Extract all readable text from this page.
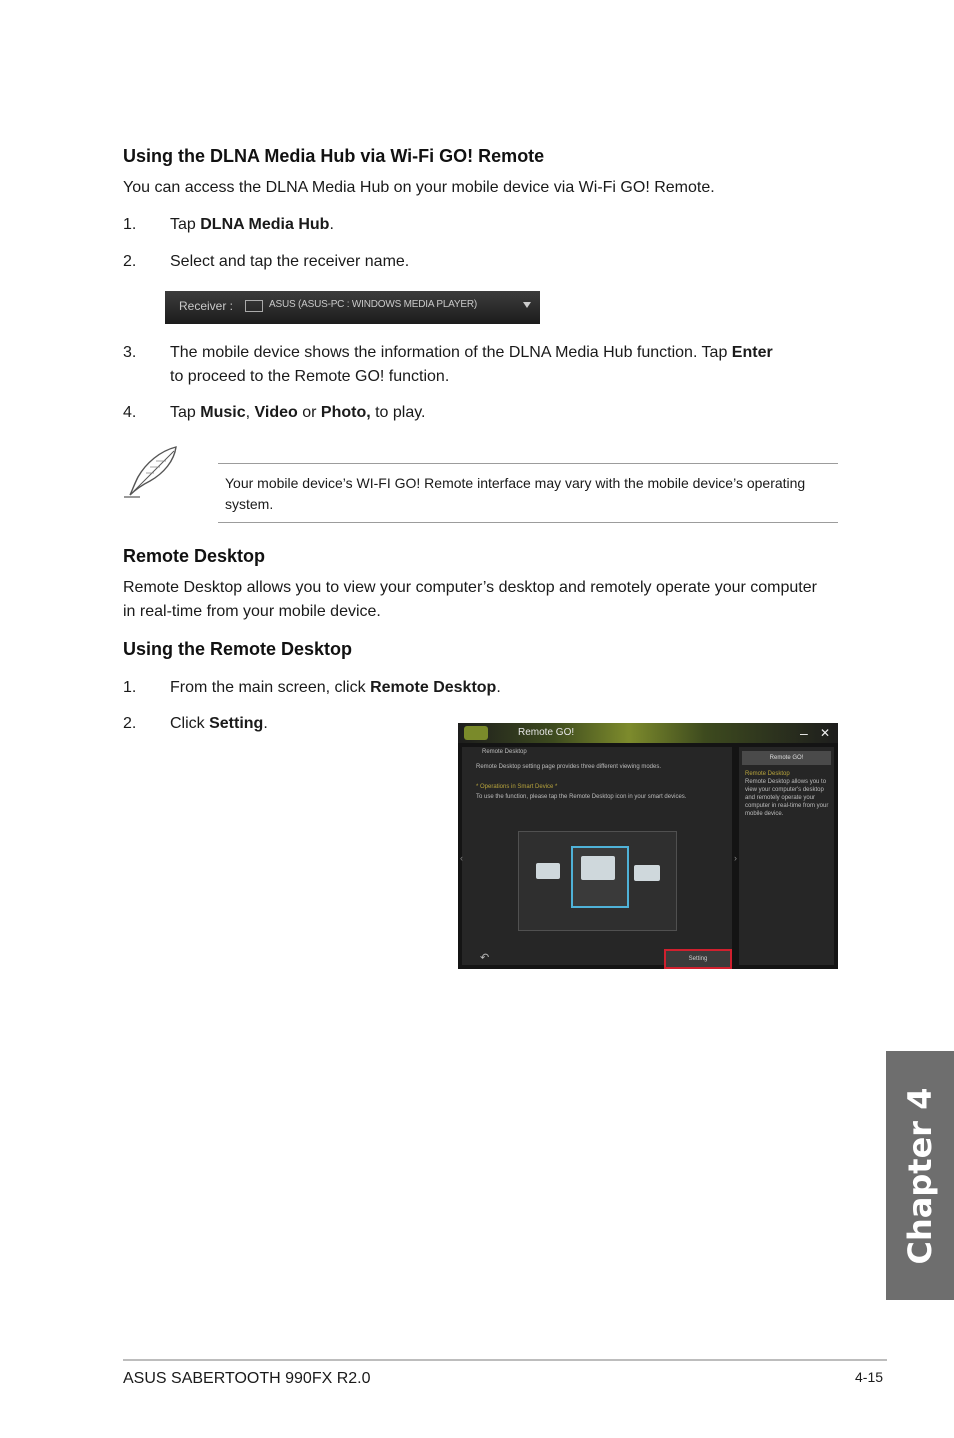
Using the DLNA Media Hub via Wi-Fi GO! Remote
You can access the DLNA Media Hub on your mobile device via Wi-Fi GO! Remote.
1.	Tap DLNA Media Hub.
2.	Select and tap the receiver name.
Receiver :	ASUS (ASUS-PC : WINDOWS MEDIA PLAYER)
3.	The mobile device shows the information of the DLNA Media Hub function. Tap Enter
to proceed to the Remote GO! function.
4.	Tap Music, Video or Photo, to play.
Your mobile device’s WI-FI GO! Remote interface may vary with the mobile device’s operating system.
Remote Desktop
Remote Desktop allows you to view your computer’s desktop and remotely operate your computer in real-time from your mobile device.
Using the Remote Desktop
1.	From the main screen, click Remote Desktop.
2.	Click Setting.
Remote GO!	– ✕
Remote Desktop
Remote Desktop setting page provides three different viewing modes.
* Operations in Smart Device *
To use the function, please tap the Remote Desktop icon in your smart devices.
‹	›
Remote GO!
Remote Desktop
Remote Desktop allows you to view your computer's desktop and remotely operate your computer in real-time from your mobile device.
↶	Setting
Chapter 4
ASUS SABERTOOTH 990FX R2.0	4-15
